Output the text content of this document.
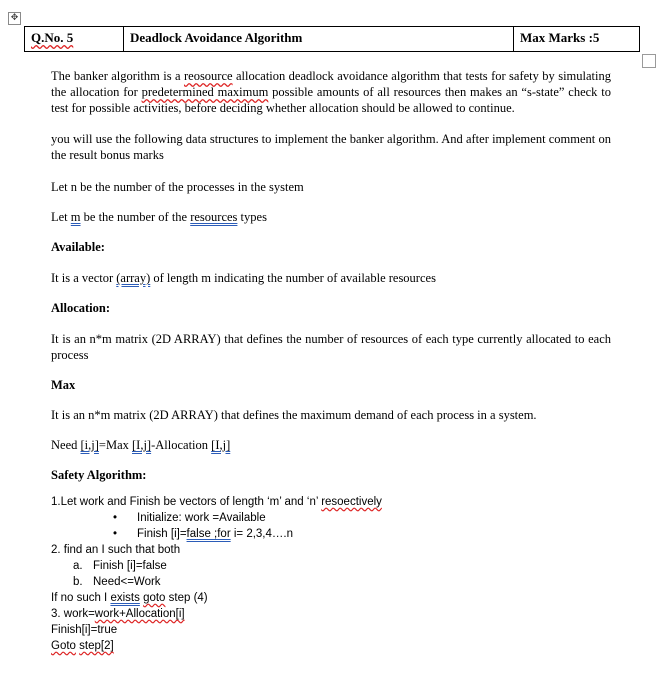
✥
Q.No. 5	Deadlock Avoidance Algorithm	Max Marks :5

The banker algorithm is a reosource allocation deadlock avoidance algorithm that tests for safety by simulating the allocation for predetermined maximum possible amounts of all resources then makes an “s-state” check to test for possible activities, before deciding whether allocation should be allowed to continue.

you will use the following data structures to implement the banker algorithm. And after implement comment on the result bonus marks

Let n be the number of the processes in the system

Let m be the number of the resources types

Available:

It is a vector (array) of length m indicating the number of available resources

Allocation:

It is an n*m matrix (2D ARRAY) that defines the number of resources of each type currently allocated to each process

Max

It is an n*m matrix (2D ARRAY) that defines the maximum demand of each process in a system.

Need [i,j]=Max [I,j]-Allocation [I,j]

Safety Algorithm:

1.Let work and Finish be vectors of length ‘m’ and ‘n’ resoectively
• Initialize: work =Available
• Finish [i]=false ;for i= 2,3,4….n
2. find an I such that both
a. Finish [i]=false
b. Need<=Work
If no such I exists goto step (4)
3. work=work+Allocation[i]
Finish[i]=true
Goto step[2]
